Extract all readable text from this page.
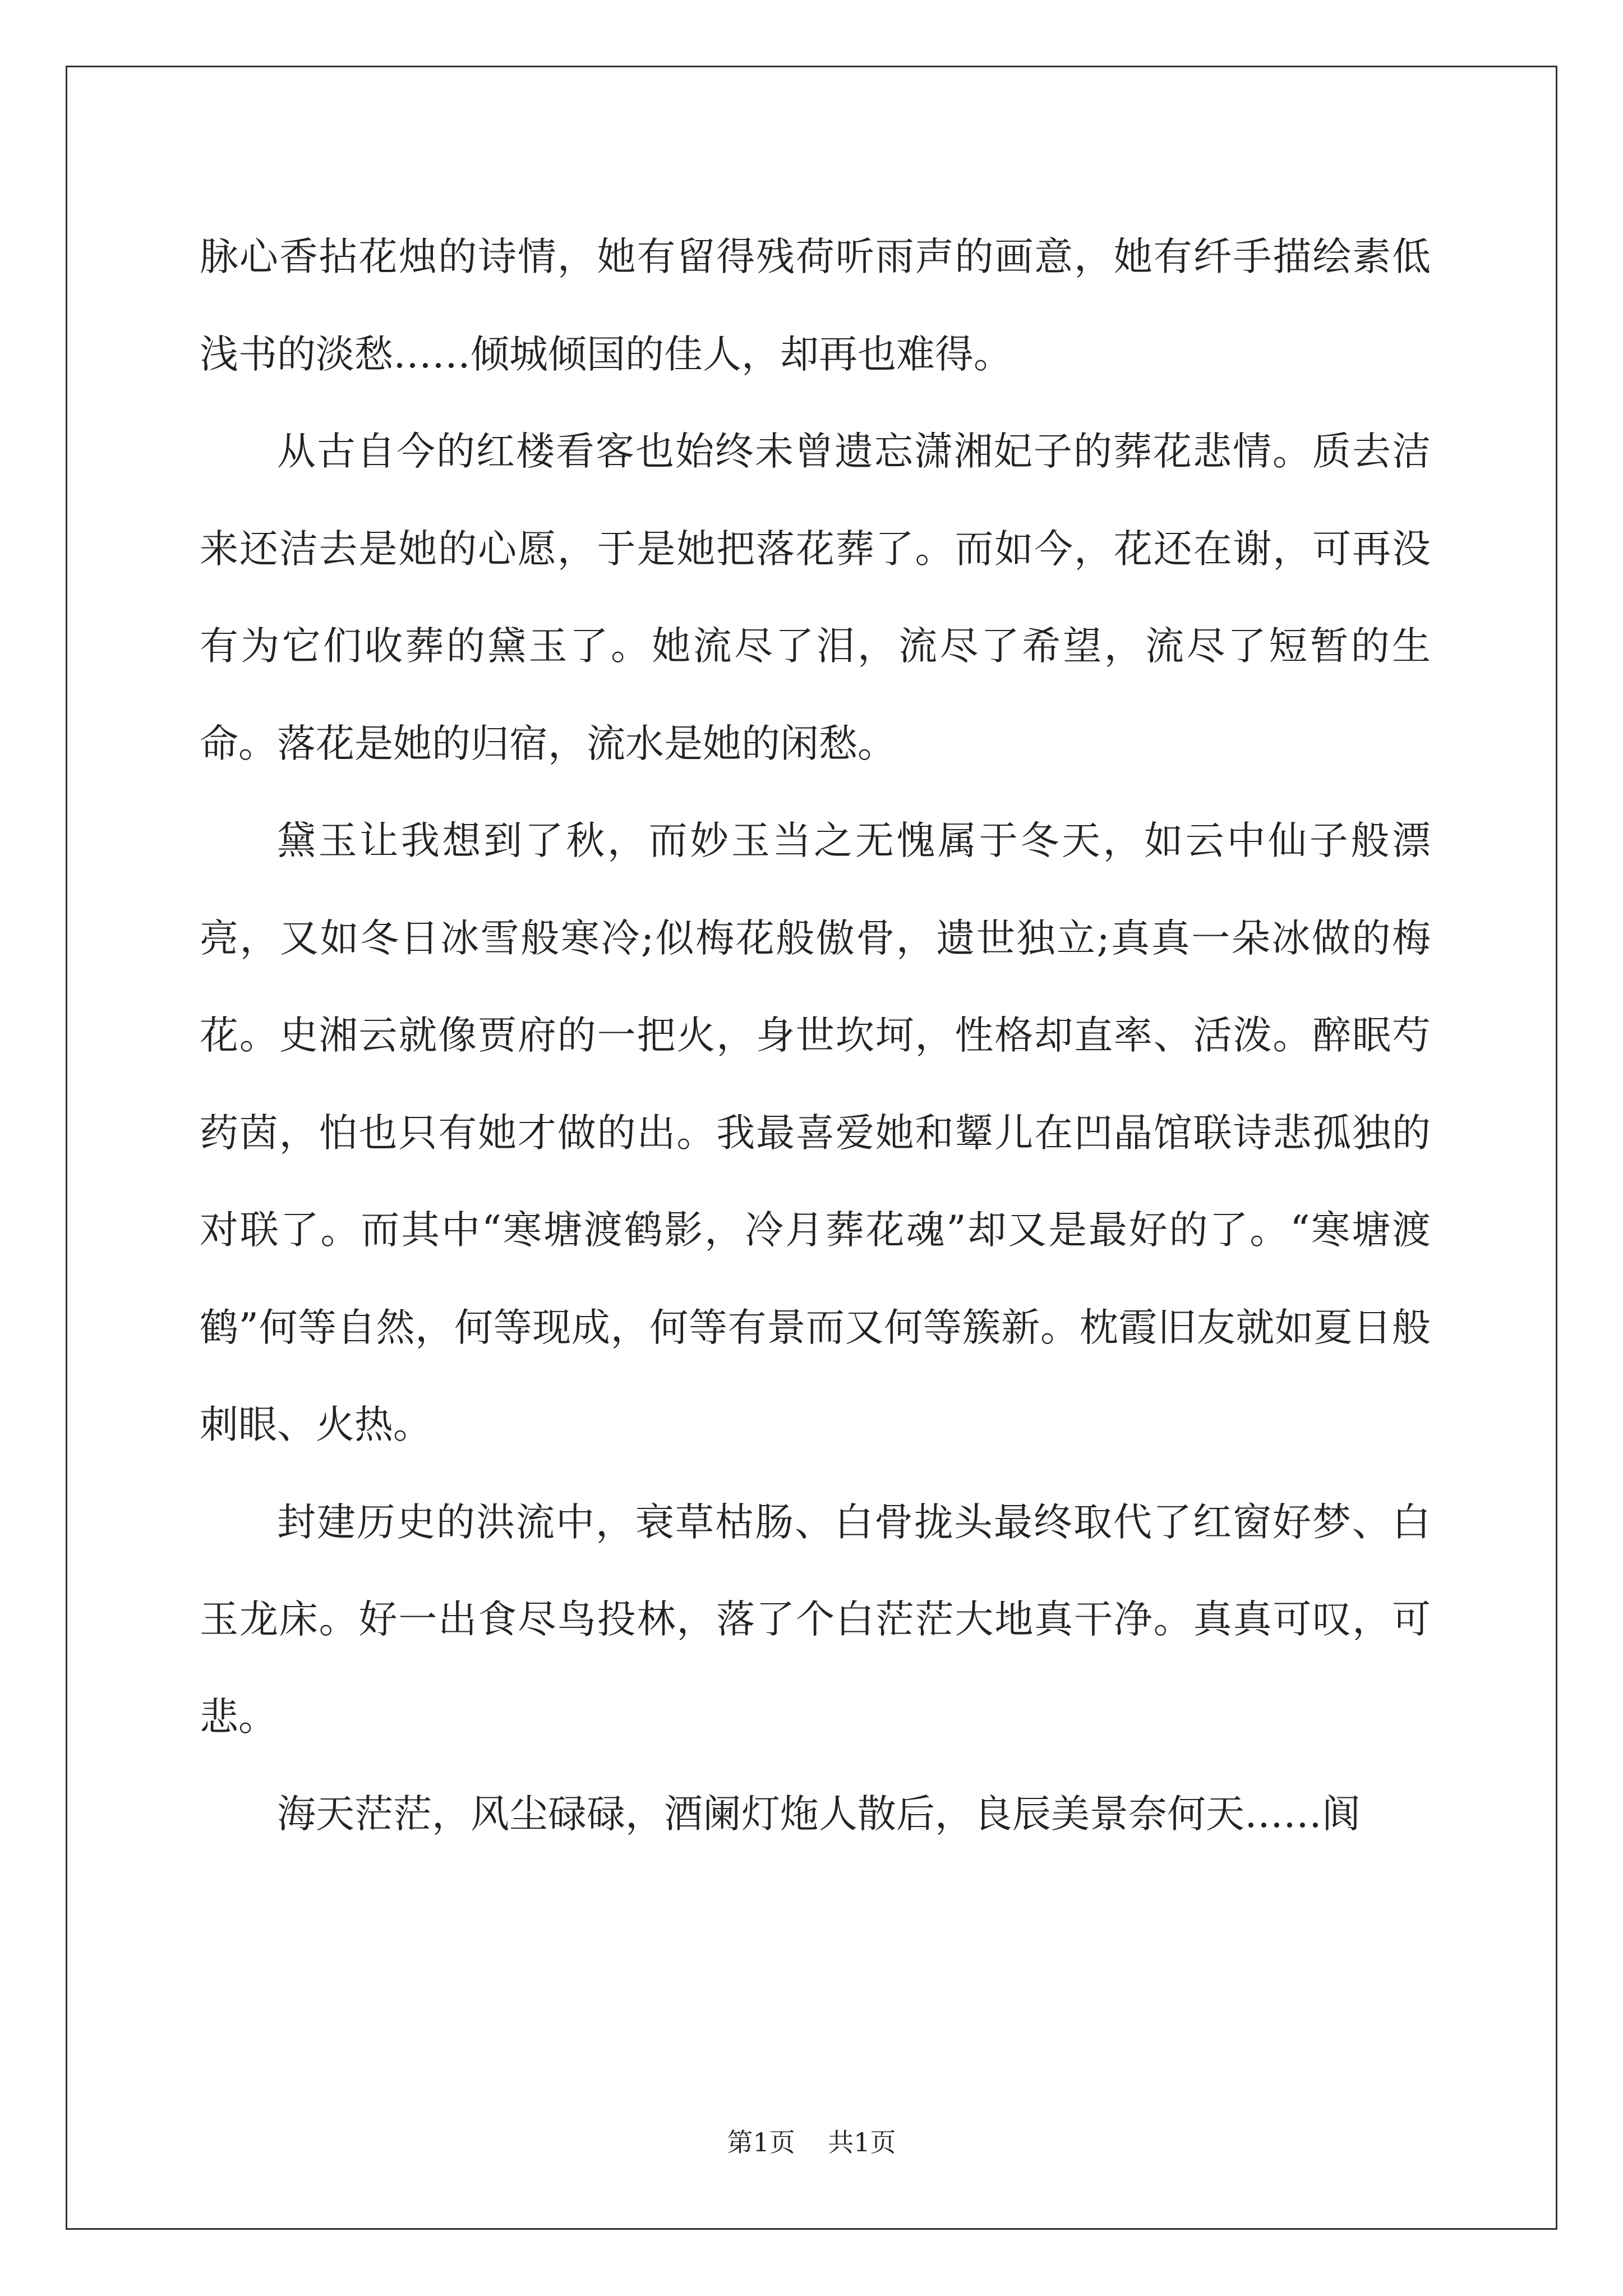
脉心香拈花烛的诗情，她有留得残荷听雨声的画意，她有纤手描绘素低浅书的淡愁……倾城倾国的佳人，却再也难得。

从古自今的红楼看客也始终未曾遗忘潇湘妃子的葬花悲情。质去洁来还洁去是她的心愿，于是她把落花葬了。而如今，花还在谢，可再没有为它们收葬的黛玉了。她流尽了泪，流尽了希望，流尽了短暂的生命。落花是她的归宿，流水是她的闲愁。

黛玉让我想到了秋，而妙玉当之无愧属于冬天，如云中仙子般漂亮，又如冬日冰雪般寒冷;似梅花般傲骨，遗世独立;真真一朵冰做的梅花。史湘云就像贾府的一把火，身世坎坷，性格却直率、活泼。醉眠芍药茵，怕也只有她才做的出。我最喜爱她和颦儿在凹晶馆联诗悲孤独的对联了。而其中“寒塘渡鹤影，冷月葬花魂”却又是最好的了。“寒塘渡鹤”何等自然，何等现成，何等有景而又何等簇新。枕霞旧友就如夏日般刺眼、火热。

封建历史的洪流中，衰草枯肠、白骨拢头最终取代了红窗好梦、白玉龙床。好一出食尽鸟投林，落了个白茫茫大地真干净。真真可叹，可悲。

海天茫茫，风尘碌碌，酒阑灯炧人散后，良辰美景奈何天……阆

第1页 共1页
